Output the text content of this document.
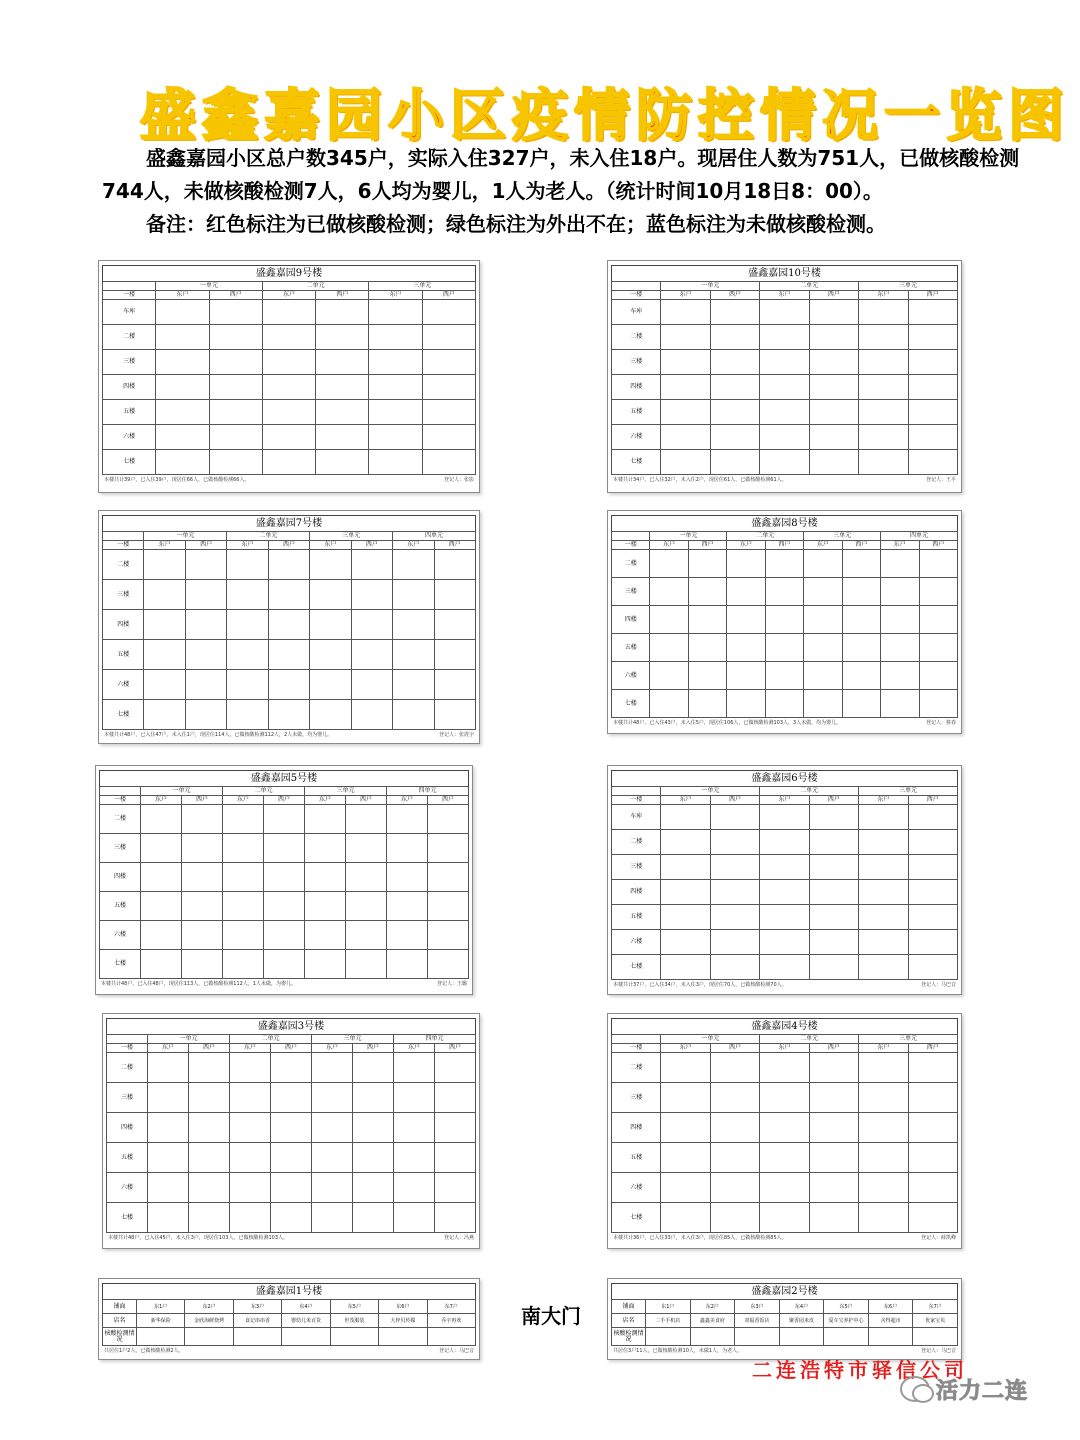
盛鑫嘉园小区疫情防控情况一览图

盛鑫嘉园小区总户数345户，实际入住327户，未入住18户。现居住人数为751人，已做核酸检测

744人，未做核酸检测7人，6人均为婴儿，1人为老人。（统计时间10月18日8：00）。

备注：红色标注为已做核酸检测；绿色标注为外出不在；蓝色标注为未做核酸检测。

盛鑫嘉园9号楼
	一单元		二单元		三单元	
一楼	东户	西户	东户	西户	东户	西户
车库						
二楼						
三楼						
四楼						
五楼						
六楼						
七楼						
本楼共计39户，已入住39户，现居住66人，已做核酸检测66人。	登记人：张影
盛鑫嘉园10号楼
	一单元		二单元		三单元	
一楼	东户	西户	东户	西户	东户	西户
车库						
二楼						
三楼						
四楼						
五楼						
六楼						
七楼						
本楼共计34户，已入住32户，未入住2户，现居住61人，已做核酸检测61人。	登记人：王平
盛鑫嘉园7号楼
	一单元		二单元		三单元		四单元	
一楼	东户	西户	东户	西户	东户	西户	东户	西户
二楼								
三楼								
四楼								
五楼								
六楼								
七楼								
本楼共计48户，已入住47户，未入住1户，现居住114人，已做核酸检测112人，2人未做，均为婴儿。	登记人：张震宇
盛鑫嘉园8号楼
	一单元		二单元		三单元		四单元	
一楼	东户	西户	东户	西户	东户	西户	东户	西户
二楼								
三楼								
四楼								
五楼								
六楼								
七楼								
本楼共计48户，已入住43户，未入住5户，现居住106人，已做核酸检测103人，3人未做，均为婴儿。	登记人：蔡春
盛鑫嘉园5号楼
	一单元		二单元		三单元		四单元	
一楼	东户	西户	东户	西户	东户	西户	东户	西户
二楼								
三楼								
四楼								
五楼								
六楼								
七楼								
本楼共计48户，已入住48户，现居住113人，已做核酸检测112人，1人未做，为婴儿。	登记人：王璐
盛鑫嘉园6号楼
	一单元		二单元		三单元	
一楼	东户	西户	东户	西户	东户	西户
车库						
二楼						
三楼						
四楼						
五楼						
六楼						
七楼						
本楼共计37户，已入住34户，未入住3户，现居住70人，已做核酸检测70人。	登记人：马巴音
盛鑫嘉园3号楼
	一单元		二单元		三单元		四单元	
一楼	东户	西户	东户	西户	东户	西户	东户	西户
二楼								
三楼								
四楼								
五楼								
六楼								
七楼								
本楼共计48户，已入住45户，未入住3户，现居住103人，已做核酸检测103人。	登记人：冯燕
盛鑫嘉园4号楼
	一单元		二单元		三单元	
一楼	东户	西户	东户	西户	东户	西户
二楼						
三楼						
四楼						
五楼						
六楼						
七楼						
本楼共计36户，已入住33户，未入住3户，现居住85人，已做核酸检测85人。	登记人：薛凯峰
盛鑫嘉园1号楼
铺面	东1户	东2户	东3户	东4户	东5户	东6户	东7户
店名	新华保险	金欣海鲜烧烤	食记串串香	婴幼儿米百货	世茂服装	大梓贝传媒	乔宇再欢
核酸检测情况							
共居住1户2人，已做核酸检测2人。	登记人：马巴音
盛鑫嘉园2号楼
铺面	东1户	东2户	东3户	东4户	东5户	东6户	东7户
店名	二手手机店	鑫鑫美食府	双福香饭店	聚香园米皮	爱车宝养护中心	舍得超市	优家宝贝
核酸检测情况							
共居住3户11人，已做核酸检测10人，未做1人，为老人。	登记人：马巴音
南大门
二连浩特市驿信公司
活力二连
